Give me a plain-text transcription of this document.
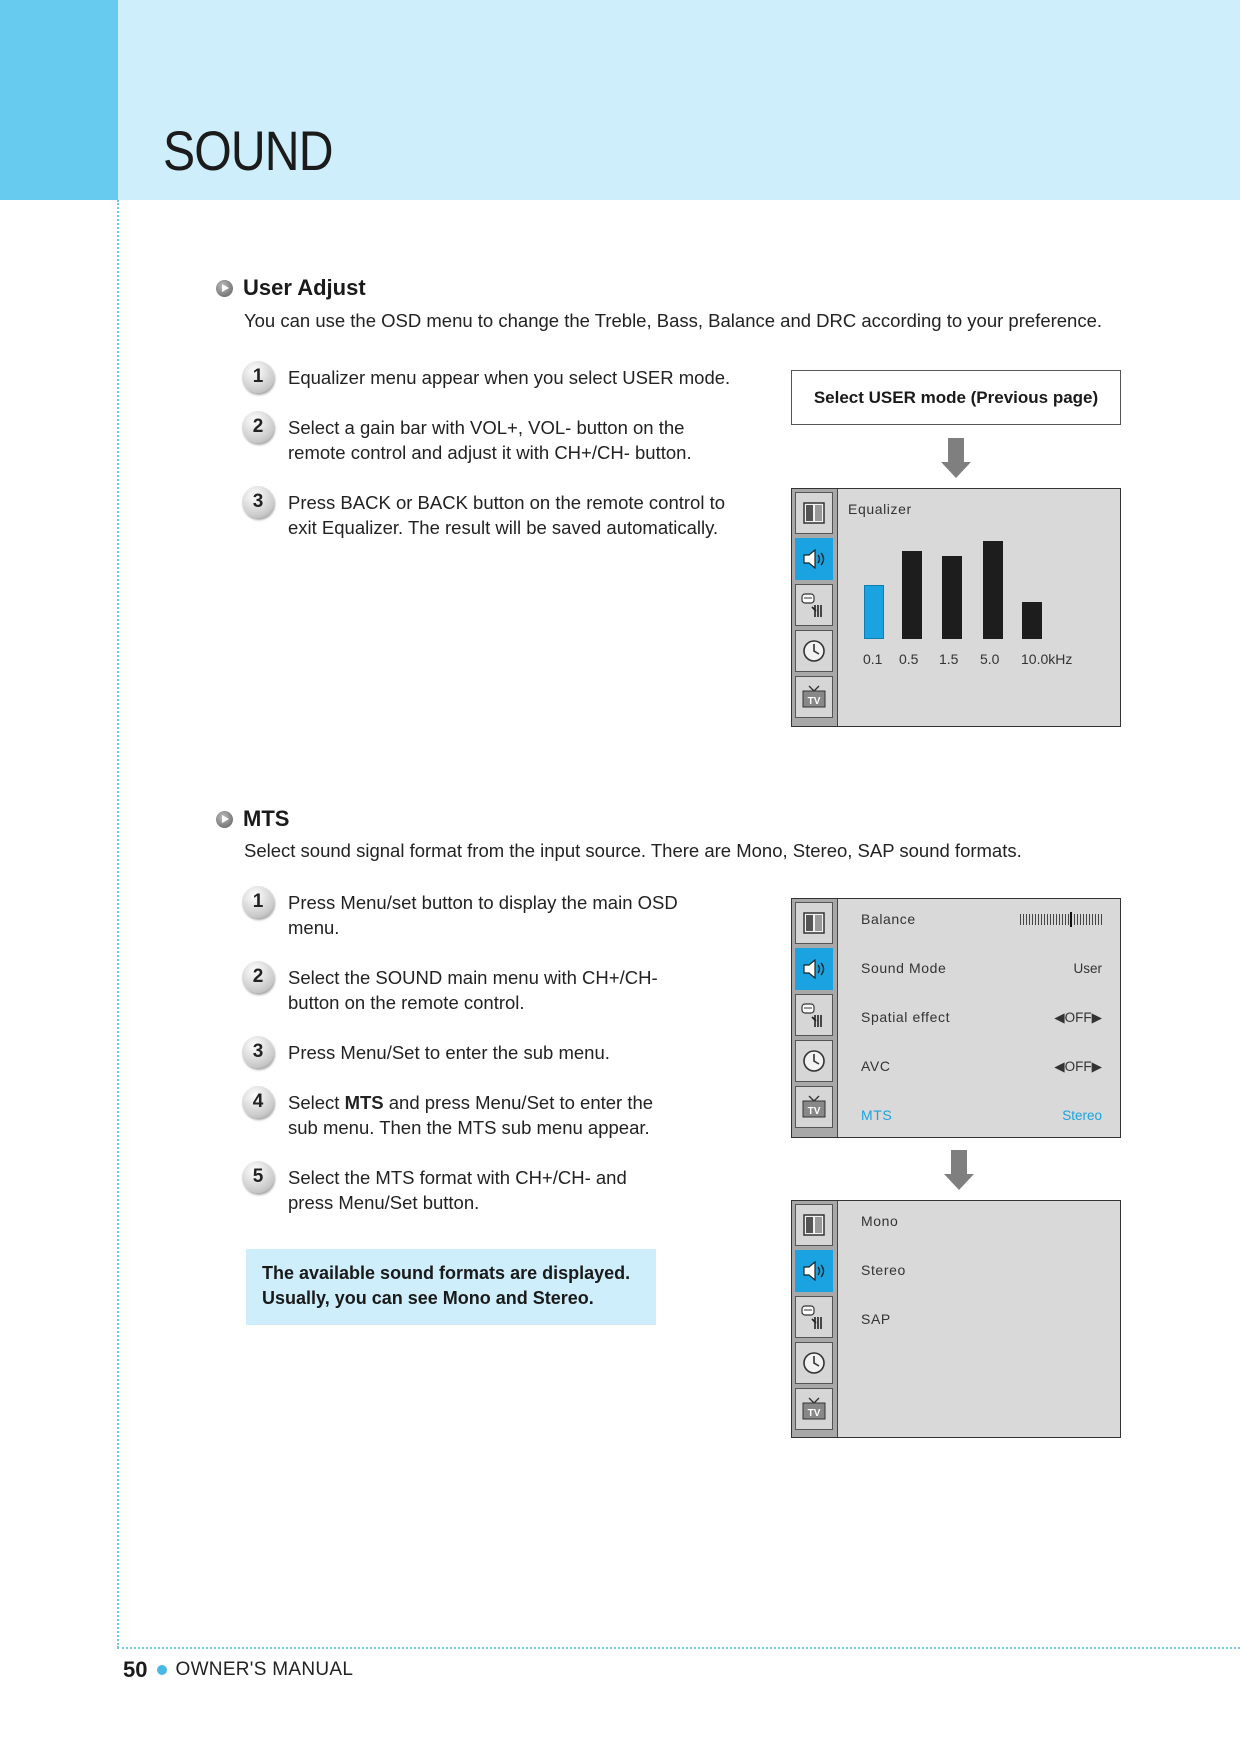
SOUND
User Adjust
You can use the OSD menu to change the Treble, Bass, Balance and DRC according to your preference.
1	Equalizer menu appear when you select USER mode.
2	Select a gain bar with VOL+, VOL- button on the
remote control and adjust it with CH+/CH- button.
3	Press BACK or BACK button on the remote control to
exit Equalizer. The result will be saved automatically.
Select USER mode (Previous page)
TV
Equalizer
0.1 0.5 1.5 5.0 10.0kHz
MTS
Select sound signal format from the input source. There are Mono, Stereo, SAP sound formats.
1	Press Menu/set button to display the main OSD
menu.
2	Select the SOUND main menu with CH+/CH-
button on the remote control.
3	Press Menu/Set to enter the sub menu.
4	Select MTS and press Menu/Set to enter the
sub menu. Then the MTS sub menu appear.
5	Select the MTS format with CH+/CH- and
press Menu/Set button.
The available sound formats are displayed.
Usually, you can see Mono and Stereo.
TV
Balance
Sound Mode	User
Spatial effect	◀OFF▶
AVC	◀OFF▶
MTS	Stereo
TV
Mono
Stereo
SAP
50 OWNER'S MANUAL
